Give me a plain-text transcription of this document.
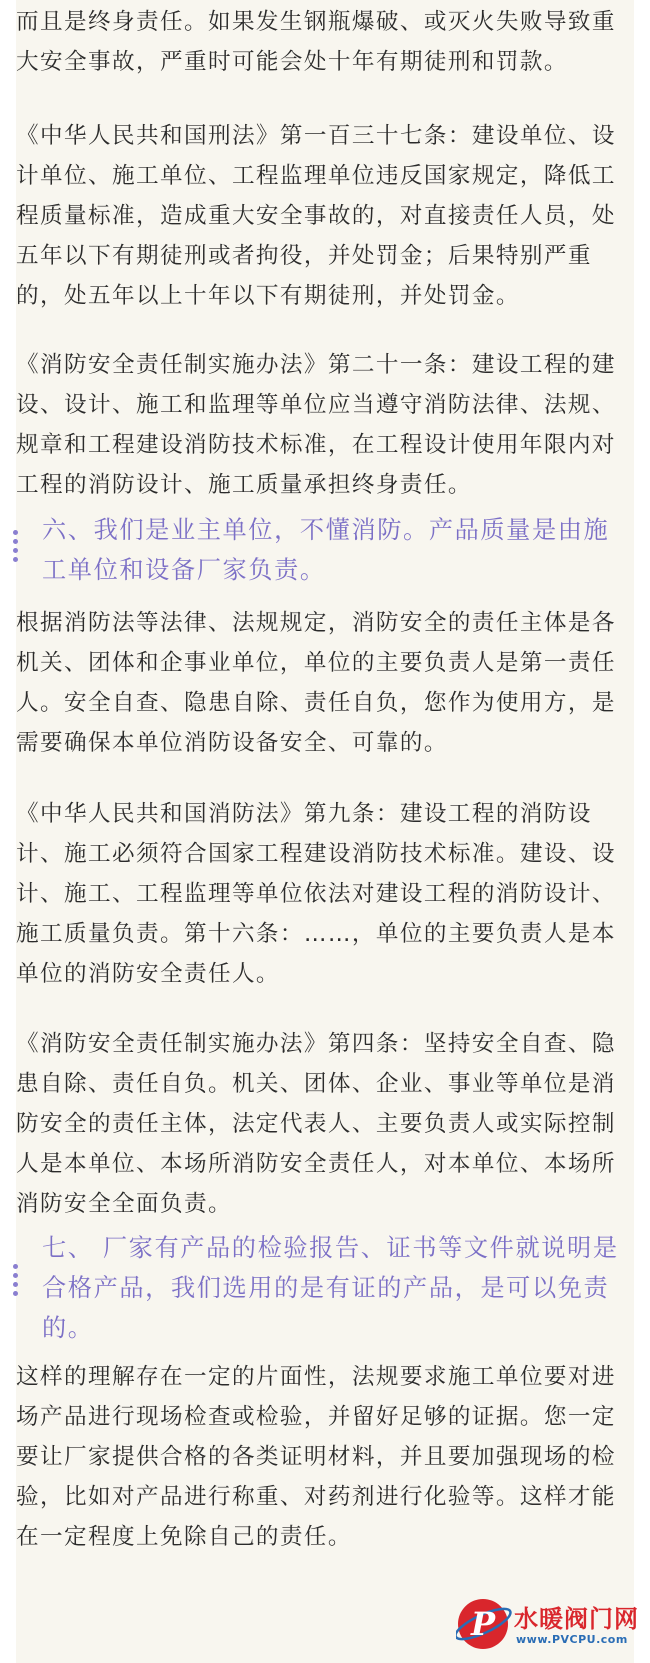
而且是终身责任。如果发生钢瓶爆破、或灭火失败导致重大安全事故，严重时可能会处十年有期徒刑和罚款。

《中华人民共和国刑法》第一百三十七条：建设单位、设计单位、施工单位、工程监理单位违反国家规定，降低工程质量标准，造成重大安全事故的，对直接责任人员，处五年以下有期徒刑或者拘役，并处罚金；后果特别严重的，处五年以上十年以下有期徒刑，并处罚金。

《消防安全责任制实施办法》第二十一条：建设工程的建设、设计、施工和监理等单位应当遵守消防法律、法规、规章和工程建设消防技术标准，在工程设计使用年限内对工程的消防设计、施工质量承担终身责任。

六、我们是业主单位，不懂消防。产品质量是由施工单位和设备厂家负责。

根据消防法等法律、法规规定，消防安全的责任主体是各机关、团体和企事业单位，单位的主要负责人是第一责任人。安全自查、隐患自除、责任自负，您作为使用方，是需要确保本单位消防设备安全、可靠的。

《中华人民共和国消防法》第九条：建设工程的消防设计、施工必须符合国家工程建设消防技术标准。建设、设计、施工、工程监理等单位依法对建设工程的消防设计、施工质量负责。第十六条：……，单位的主要负责人是本单位的消防安全责任人。

《消防安全责任制实施办法》第四条：坚持安全自查、隐患自除、责任自负。机关、团体、企业、事业等单位是消防安全的责任主体，法定代表人、主要负责人或实际控制人是本单位、本场所消防安全责任人，对本单位、本场所消防安全全面负责。

七、 厂家有产品的检验报告、证书等文件就说明是合格产品，我们选用的是有证的产品，是可以免责的。

这样的理解存在一定的片面性，法规要求施工单位要对进场产品进行现场检查或检验，并留好足够的证据。您一定要让厂家提供合格的各类证明材料，并且要加强现场的检验，比如对产品进行称重、对药剂进行化验等。这样才能在一定程度上免除自己的责任。

P 水暖阀门网
www.PVCPU.com
